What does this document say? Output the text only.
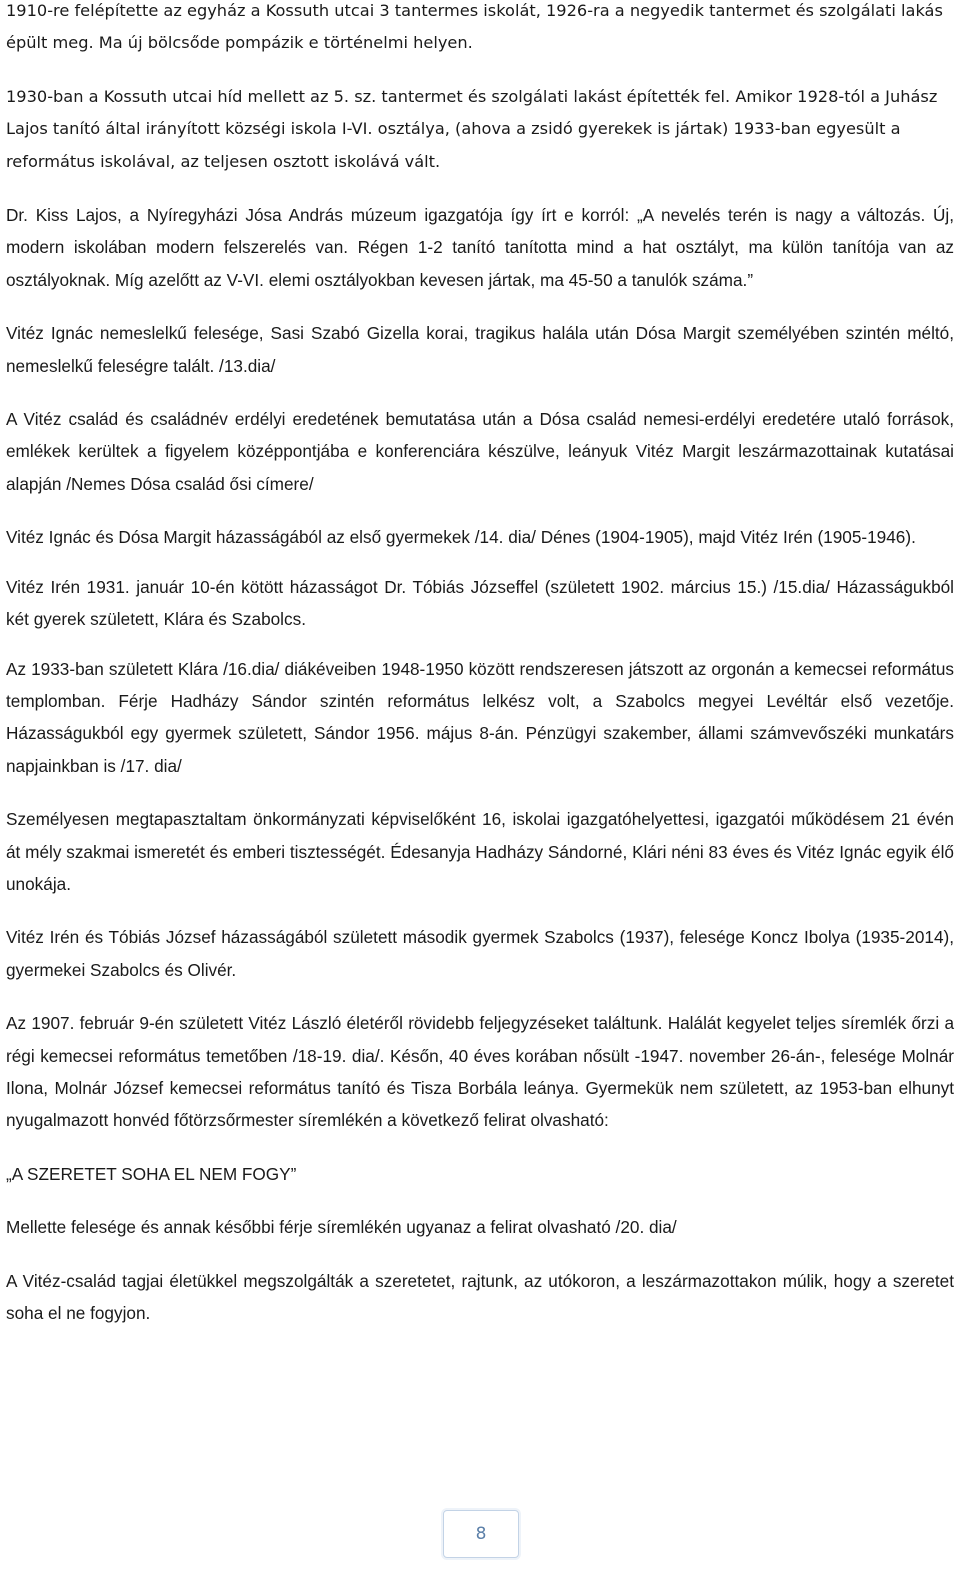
1910-re felépítette az egyház a Kossuth utcai 3 tantermes iskolát, 1926-ra a negyedik tantermet és szolgálati lakás épült meg. Ma új bölcsőde pompázik e történelmi helyen.

1930-ban a Kossuth utcai híd mellett az 5. sz. tantermet és szolgálati lakást építették fel. Amikor 1928-tól a Juhász Lajos tanító által irányított községi iskola I-VI. osztálya, (ahova a zsidó gyerekek is jártak) 1933-ban egyesült a református iskolával, az teljesen osztott iskolává vált.

Dr. Kiss Lajos, a Nyíregyházi Jósa András múzeum igazgatója így írt e korról: „A nevelés terén is nagy a változás. Új, modern iskolában modern felszerelés van. Régen 1-2 tanító tanította mind a hat osztályt, ma külön tanítója van az osztályoknak. Míg azelőtt az V-VI. elemi osztályokban kevesen jártak, ma 45-50 a tanulók száma.”

Vitéz Ignác nemeslelkű felesége, Sasi Szabó Gizella korai, tragikus halála után Dósa Margit személyében szintén méltó, nemeslelkű feleségre talált. /13.dia/

A Vitéz család és családnév erdélyi eredetének bemutatása után a Dósa család nemesi-erdélyi eredetére utaló források, emlékek kerültek a figyelem középpontjába e konferenciára készülve, leányuk Vitéz Margit leszármazottainak kutatásai alapján /Nemes Dósa család ősi címere/

Vitéz Ignác és Dósa Margit házasságából az első gyermekek /14. dia/ Dénes (1904-1905), majd Vitéz Irén (1905-1946).

Vitéz Irén 1931. január 10-én kötött házasságot Dr. Tóbiás Józseffel (született 1902. március 15.) /15.dia/ Házasságukból két gyerek született, Klára és Szabolcs.

Az 1933-ban született Klára /16.dia/ diákéveiben 1948-1950 között rendszeresen játszott az orgonán a kemecsei református templomban. Férje Hadházy Sándor szintén református lelkész volt, a Szabolcs megyei Levéltár első vezetője. Házasságukból egy gyermek született, Sándor 1956. május 8-án. Pénzügyi szakember, állami számvevőszéki munkatárs napjainkban is /17. dia/

Személyesen megtapasztaltam önkormányzati képviselőként 16, iskolai igazgatóhelyettesi, igazgatói működésem 21 évén át mély szakmai ismeretét és emberi tisztességét. Édesanyja Hadházy Sándorné, Klári néni 83 éves és Vitéz Ignác egyik élő unokája.

Vitéz Irén és Tóbiás József házasságából született második gyermek Szabolcs (1937), felesége Koncz Ibolya (1935-2014), gyermekei Szabolcs és Olivér.

Az 1907. február 9-én született Vitéz László életéről rövidebb feljegyzéseket találtunk. Halálát kegyelet teljes síremlék őrzi a régi kemecsei református temetőben /18-19. dia/. Későn, 40 éves korában nősült -1947. november 26-án-, felesége Molnár Ilona, Molnár József kemecsei református tanító és Tisza Borbála leánya. Gyermekük nem született, az 1953-ban elhunyt nyugalmazott honvéd főtörzsőrmester síremlékén a következő felirat olvasható:

„A SZERETET SOHA EL NEM FOGY”

Mellette felesége és annak későbbi férje síremlékén ugyanaz a felirat olvasható /20. dia/

A Vitéz-család tagjai életükkel megszolgálták a szeretetet, rajtunk, az utókoron, a leszármazottakon múlik, hogy a szeretet soha el ne fogyjon.

8
